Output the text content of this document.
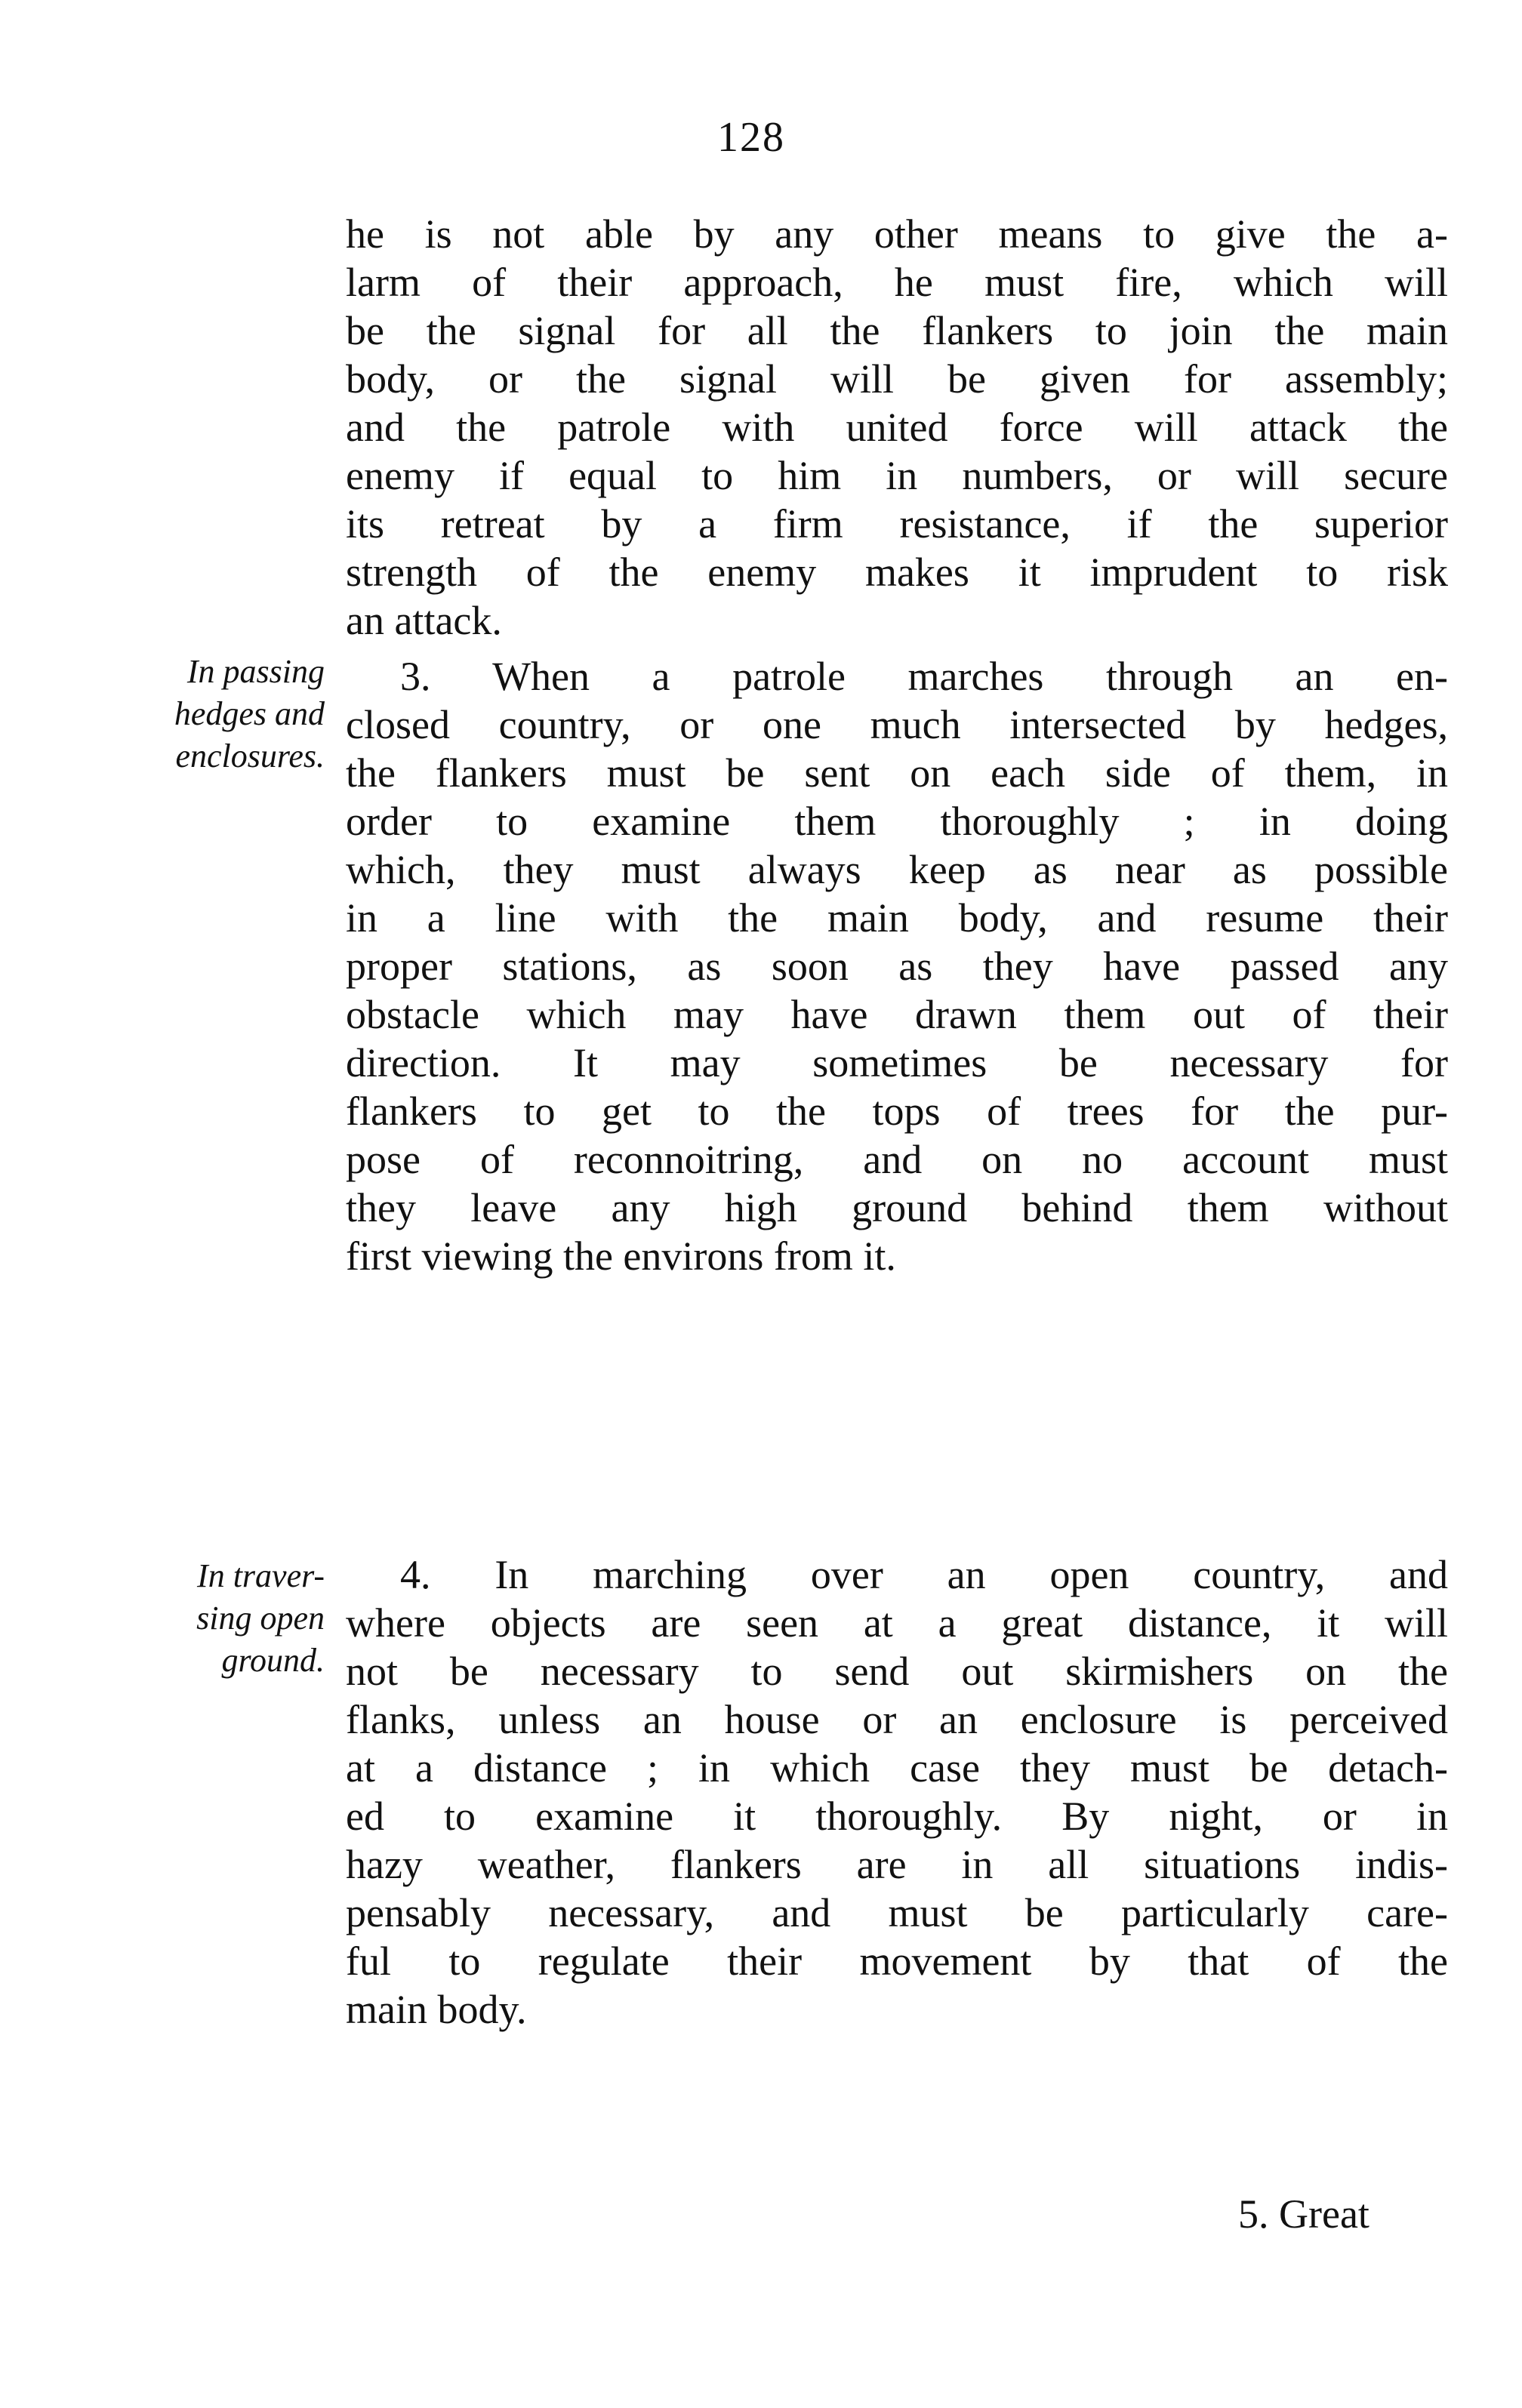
128
he is not able by any other means to give the a-
larm of their approach, he must fire, which will
be the signal for all the flankers to join the main
body, or the signal will be given for assembly;
and the patrole with united force will attack the
enemy if equal to him in numbers, or will secure
its retreat by a firm resistance, if the superior
strength of the enemy makes it imprudent to risk
an attack.
In passing
hedges and
enclosures.
3. When a patrole marches through an en-
closed country, or one much intersected by hedges,
the flankers must be sent on each side of them, in
order to examine them thoroughly ; in doing
which, they must always keep as near as possible
in a line with the main body, and resume their
proper stations, as soon as they have passed any
obstacle which may have drawn them out of their
direction. It may sometimes be necessary for
flankers to get to the tops of trees for the pur-
pose of reconnoitring, and on no account must
they leave any high ground behind them without
first viewing the environs from it.
In traver-
sing open
ground.
4. In marching over an open country, and
where objects are seen at a great distance, it will
not be necessary to send out skirmishers on the
flanks, unless an house or an enclosure is perceived
at a distance ; in which case they must be detach-
ed to examine it thoroughly. By night, or in
hazy weather, flankers are in all situations indis-
pensably necessary, and must be particularly care-
ful to regulate their movement by that of the
main body.
5. Great
